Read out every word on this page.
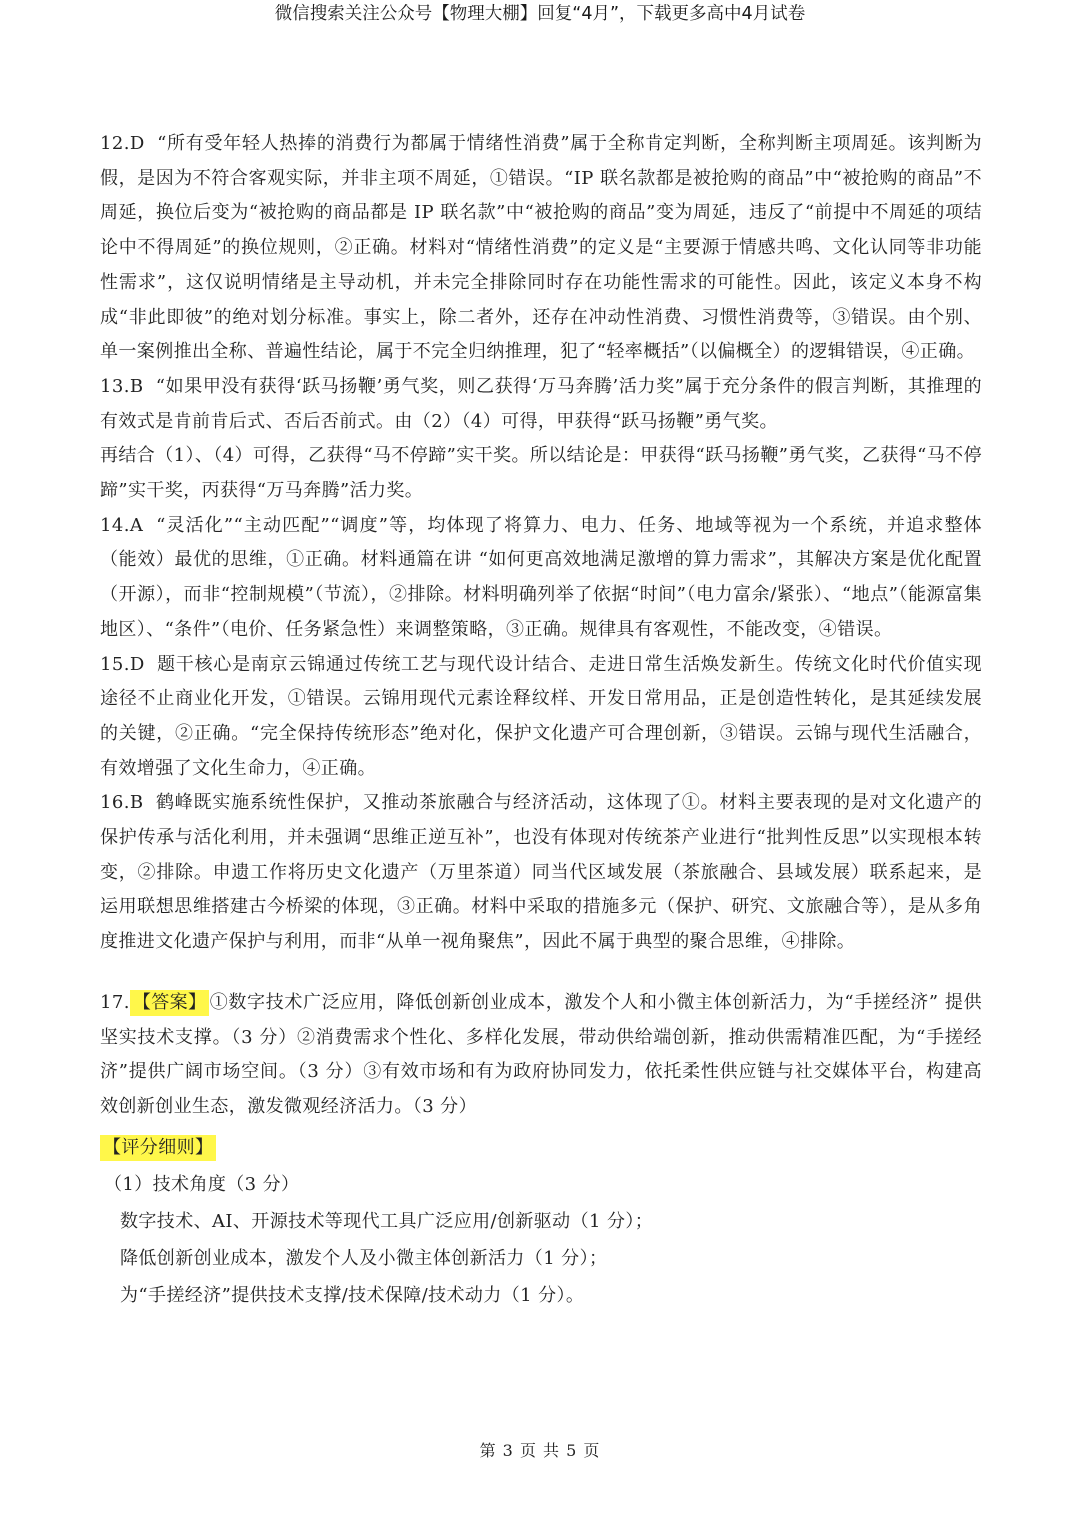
微信搜索关注公众号【物理大棚】回复“4月”，下载更多高中4月试卷

12.D “所有受年轻人热捧的消费行为都属于情绪性消费”属于全称肯定判断，全称判断主项周延。该判断为假，是因为不符合客观实际，并非主项不周延，①错误。“IP 联名款都是被抢购的商品”中“被抢购的商品”不周延，换位后变为“被抢购的商品都是 IP 联名款”中“被抢购的商品”变为周延，违反了“前提中不周延的项结论中不得周延”的换位规则，②正确。材料对“情绪性消费”的定义是“主要源于情感共鸣、文化认同等非功能性需求”，这仅说明情绪是主导动机，并未完全排除同时存在功能性需求的可能性。因此，该定义本身不构成“非此即彼”的绝对划分标准。事实上，除二者外，还存在冲动性消费、习惯性消费等，③错误。由个别、单一案例推出全称、普遍性结论，属于不完全归纳推理，犯了“轻率概括”（以偏概全）的逻辑错误，④正确。

13.B “如果甲没有获得‘跃马扬鞭’勇气奖，则乙获得‘万马奔腾’活力奖”属于充分条件的假言判断，其推理的有效式是肯前肯后式、否后否前式。由（2）（4）可得，甲获得“跃马扬鞭”勇气奖。

再结合（1）、（4）可得，乙获得“马不停蹄”实干奖。所以结论是：甲获得“跃马扬鞭”勇气奖，乙获得“马不停蹄”实干奖，丙获得“万马奔腾”活力奖。

14.A “灵活化”“主动匹配”“调度”等，均体现了将算力、电力、任务、地域等视为一个系统，并追求整体（能效）最优的思维，①正确。材料通篇在讲 “如何更高效地满足激增的算力需求”，其解决方案是优化配置（开源），而非“控制规模”（节流），②排除。材料明确列举了依据“时间”（电力富余/紧张）、“地点”（能源富集地区）、“条件”（电价、任务紧急性）来调整策略，③正确。规律具有客观性，不能改变，④错误。

15.D 题干核心是南京云锦通过传统工艺与现代设计结合、走进日常生活焕发新生。传统文化时代价值实现途径不止商业化开发，①错误。云锦用现代元素诠释纹样、开发日常用品，正是创造性转化，是其延续发展的关键，②正确。“完全保持传统形态”绝对化，保护文化遗产可合理创新，③错误。云锦与现代生活融合，有效增强了文化生命力，④正确。

16.B 鹤峰既实施系统性保护，又推动茶旅融合与经济活动，这体现了①。材料主要表现的是对文化遗产的保护传承与活化利用，并未强调“思维正逆互补”，也没有体现对传统茶产业进行“批判性反思”以实现根本转变，②排除。申遗工作将历史文化遗产（万里茶道）同当代区域发展（茶旅融合、县域发展）联系起来，是运用联想思维搭建古今桥梁的体现，③正确。材料中采取的措施多元（保护、研究、文旅融合等），是从多角度推进文化遗产保护与利用，而非“从单一视角聚焦”，因此不属于典型的聚合思维，④排除。

17. 【答案】 ①数字技术广泛应用，降低创新创业成本，激发个人和小微主体创新活力，为“手搓经济” 提供坚实技术支撑。（3 分）②消费需求个性化、多样化发展，带动供给端创新，推动供需精准匹配，为“手搓经济”提供广阔市场空间。（3 分）③有效市场和有为政府协同发力，依托柔性供应链与社交媒体平台，构建高效创新创业生态，激发微观经济活力。（3 分）

【评分细则】

（1）技术角度（3 分）

数字技术、AI、开源技术等现代工具广泛应用/创新驱动（1 分）；

降低创新创业成本，激发个人及小微主体创新活力（1 分）；

为“手搓经济”提供技术支撑/技术保障/技术动力（1 分）。

第 3 页 共 5 页
